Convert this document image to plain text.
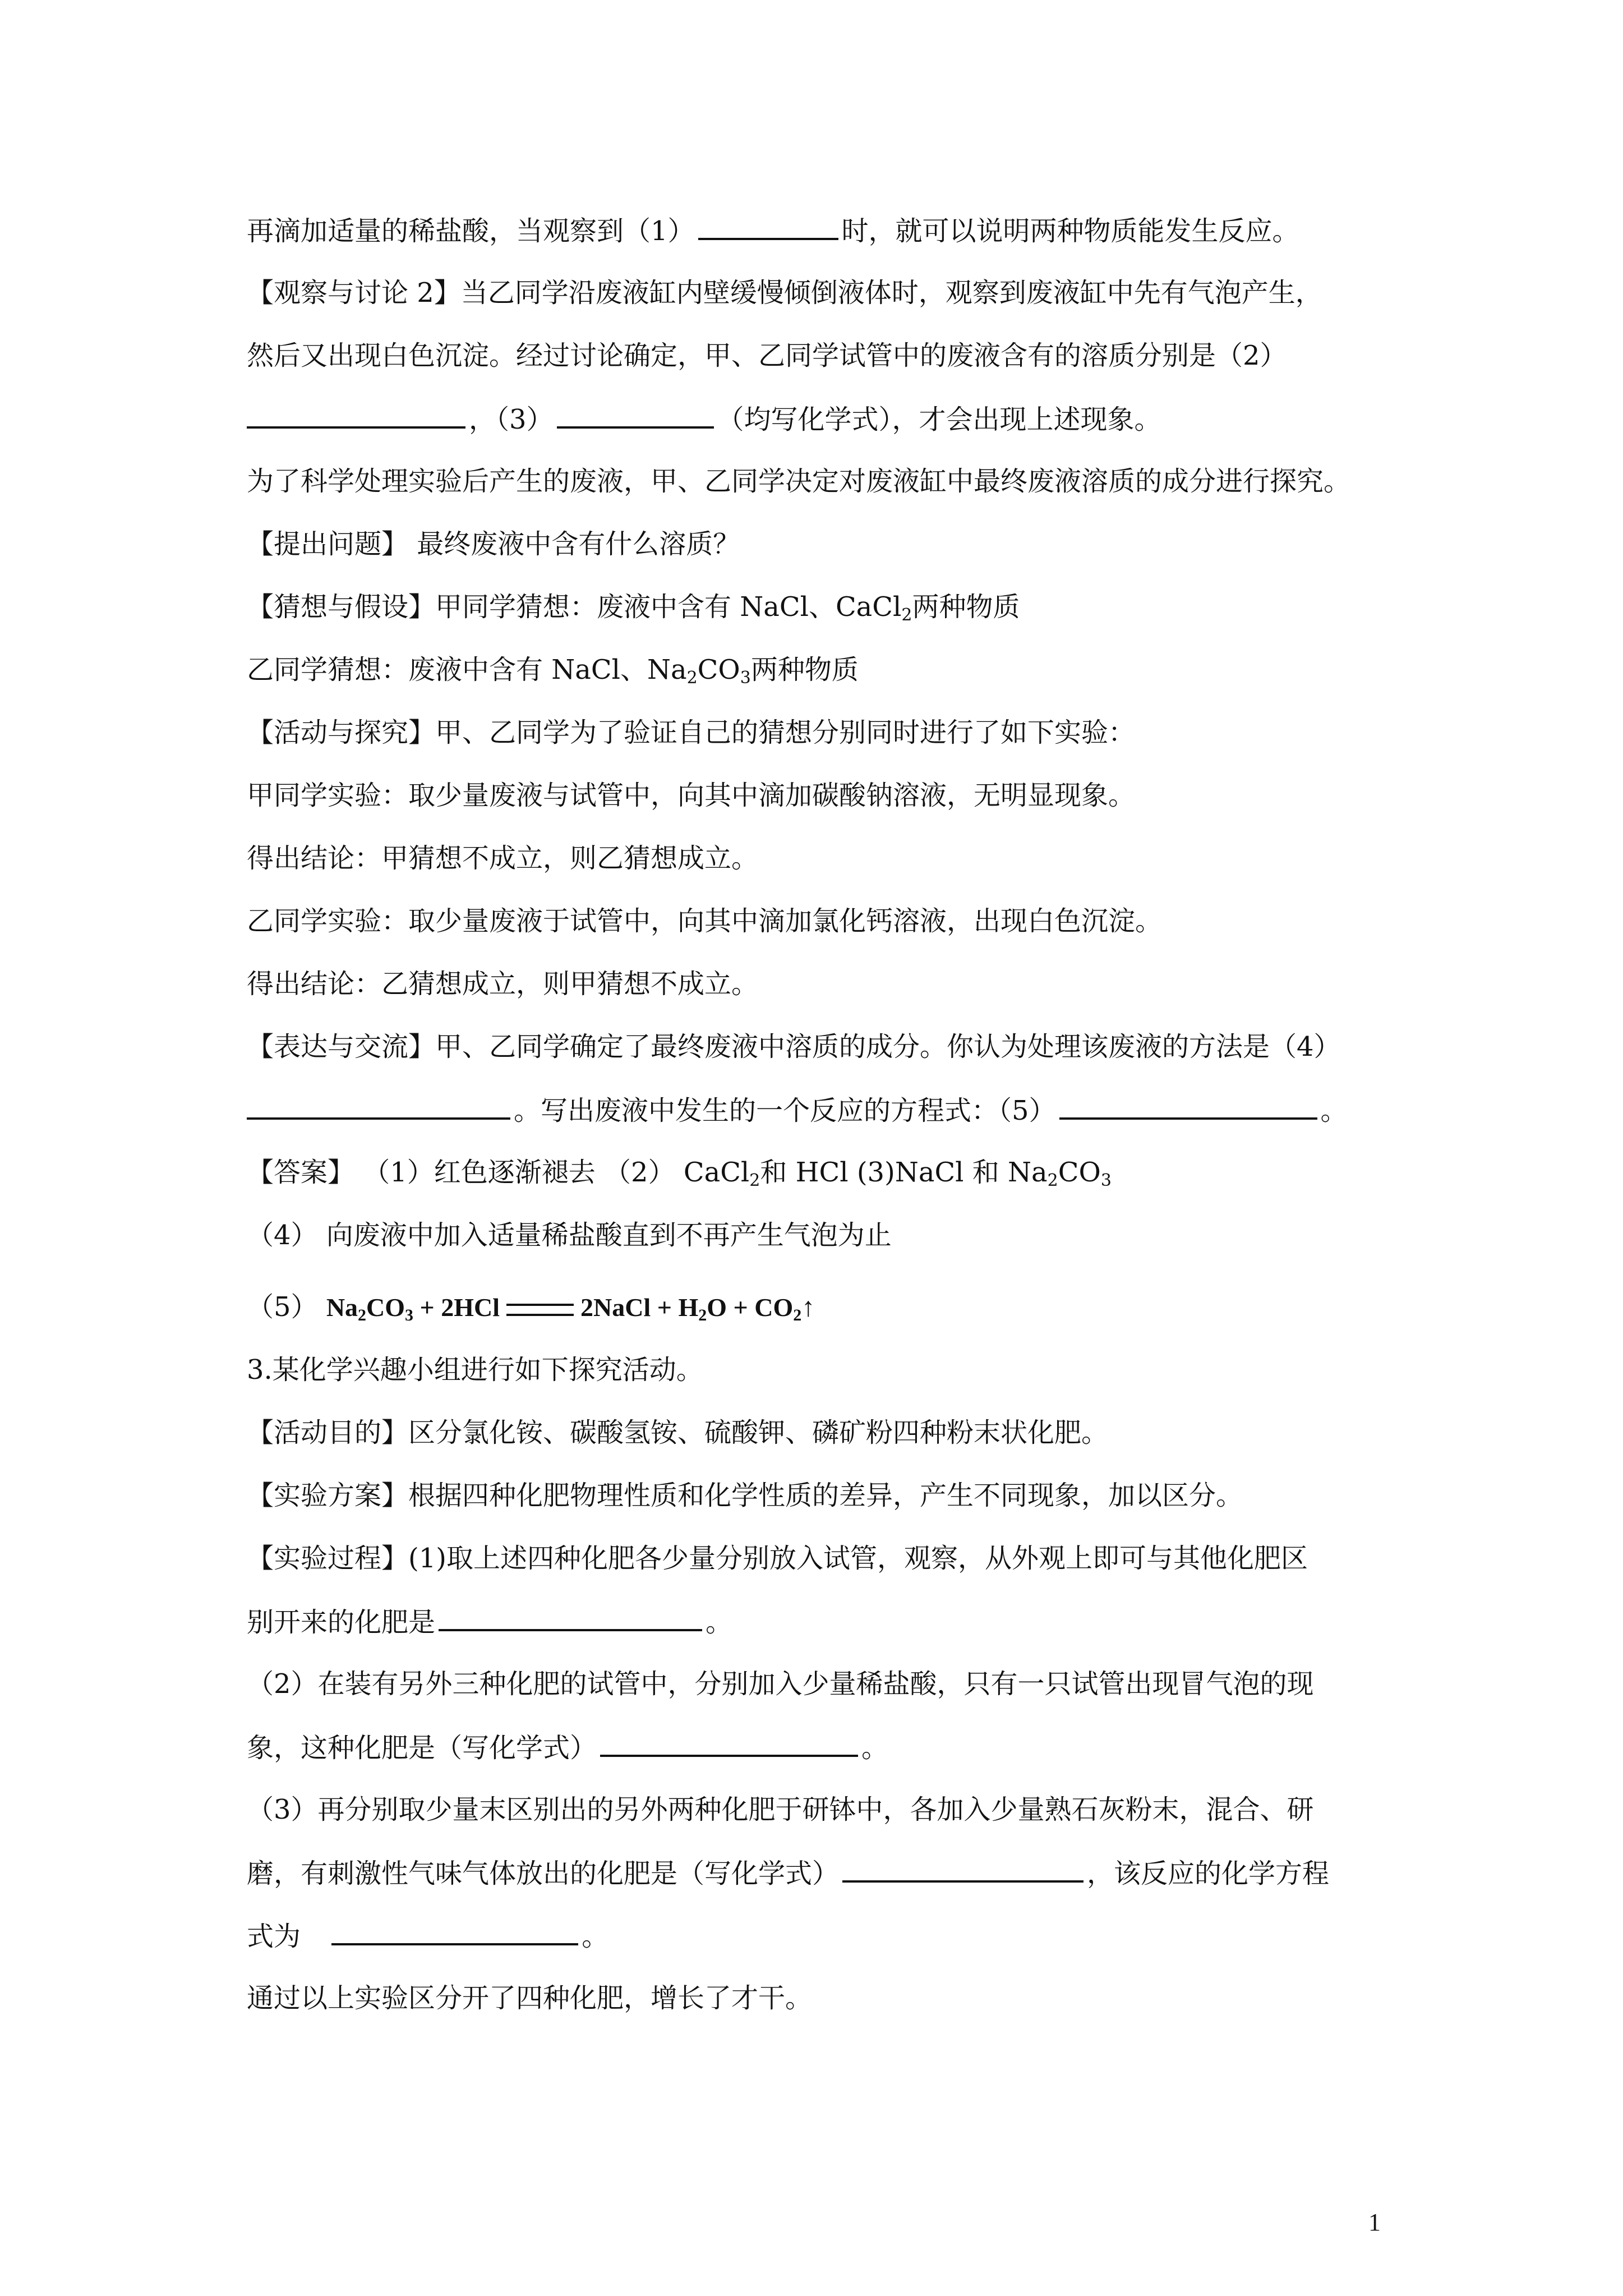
再滴加适量的稀盐酸，当观察到（1）	时，就可以说明两种物质能发生反应。
【观察与讨论 2】当乙同学沿废液缸内壁缓慢倾倒液体时，观察到废液缸中先有气泡产生，
然后又出现白色沉淀。经过讨论确定，甲、乙同学试管中的废液含有的溶质分别是（2）
，（3）	（均写化学式），才会出现上述现象。
为了科学处理实验后产生的废液，甲、乙同学决定对废液缸中最终废液溶质的成分进行探究。
【提出问题】 最终废液中含有什么溶质？
【猜想与假设】甲同学猜想：废液中含有 NaCl、CaCl$_2$两种物质
乙同学猜想：废液中含有 NaCl、$Na_2CO_3$两种物质
【活动与探究】甲、乙同学为了验证自己的猜想分别同时进行了如下实验：
甲同学实验：取少量废液与试管中，向其中滴加碳酸钠溶液，无明显现象。
得出结论：甲猜想不成立，则乙猜想成立。
乙同学实验：取少量废液于试管中，向其中滴加氯化钙溶液，出现白色沉淀。
得出结论：乙猜想成立，则甲猜想不成立。
【表达与交流】甲、乙同学确定了最终废液中溶质的成分。你认为处理该废液的方法是（4）
。写出废液中发生的一个反应的方程式：（5）	。
【答案】 （1）红色逐渐褪去 （2） CaCl$_2$和 HCl (3)NaCl 和 $Na_2CO_3$
（4） 向废液中加入适量稀盐酸直到不再产生气泡为止
（5） $Na_2CO_3 + 2HCl$	2NaCl + $H_2O$ + $CO_2↑$
3.某化学兴趣小组进行如下探究活动。
【活动目的】区分氯化铵、碳酸氢铵、硫酸钾、磷矿粉四种粉末状化肥。
【实验方案】根据四种化肥物理性质和化学性质的差异，产生不同现象，加以区分。
【实验过程】(1)取上述四种化肥各少量分别放入试管，观察，从外观上即可与其他化肥区
别开来的化肥是	。
（2）在装有另外三种化肥的试管中，分别加入少量稀盐酸，只有一只试管出现冒气泡的现
象，这种化肥是（写化学式）	。
（3）再分别取少量末区别出的另外两种化肥于研钵中，各加入少量熟石灰粉末，混合、研
磨，有刺激性气味气体放出的化肥是（写化学式）	，该反应的化学方程
式为	。
通过以上实验区分开了四种化肥，增长了才干。
1
